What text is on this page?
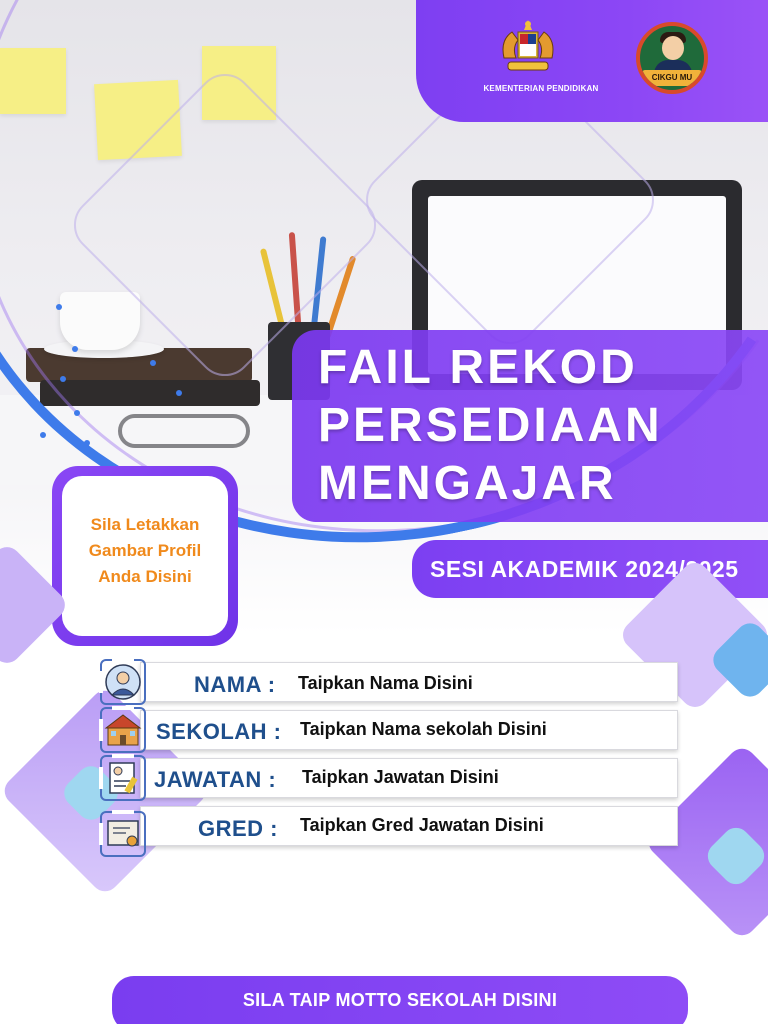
KEMENTERIAN PENDIDIKAN
CIKGU MU
FAIL REKOD
PERSEDIAAN
MENGAJAR
SESI AKADEMIK 2024/2025
Sila Letakkan
Gambar Profil
Anda Disini
NAMA : Taipkan Nama Disini
SEKOLAH : Taipkan Nama sekolah Disini
JAWATAN : Taipkan Jawatan Disini
GRED : Taipkan Gred Jawatan Disini
SILA TAIP MOTTO SEKOLAH DISINI
